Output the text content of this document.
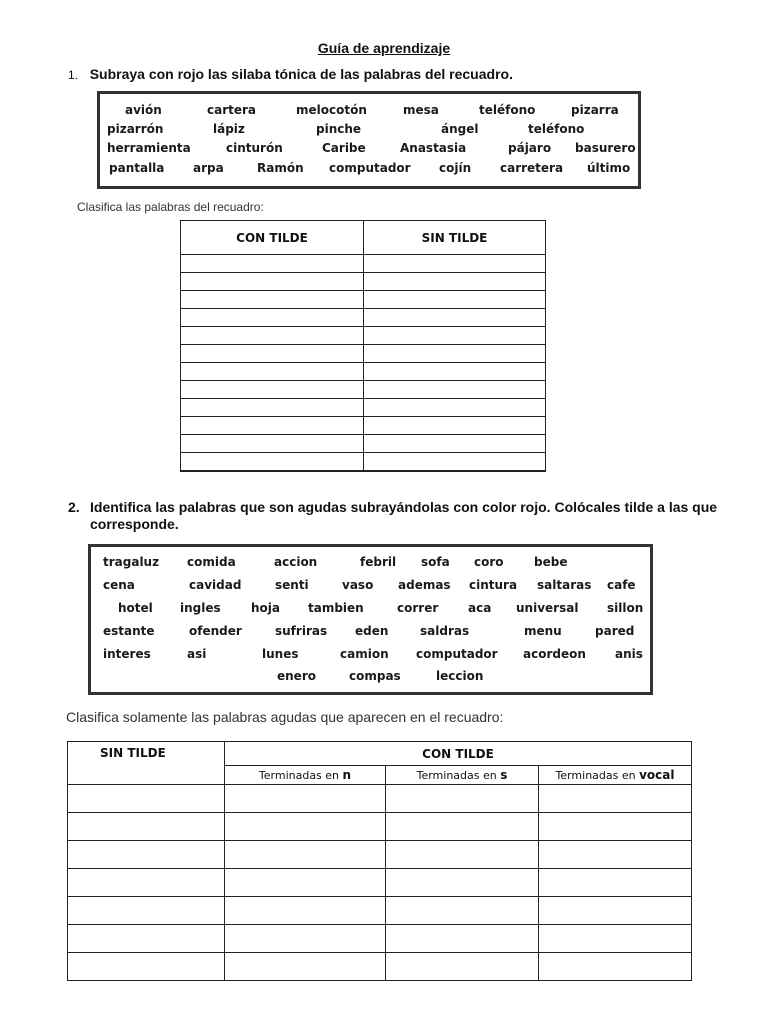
Guía de aprendizaje
1. Subraya con rojo las silaba tónica de las palabras del recuadro.
avión	cartera	melocotón	mesa	teléfono	pizarra
pizarrón	lápiz	pinche	ángel	teléfono
herramienta	cinturón	Caribe	Anastasia	pájaro basurero
pantalla arpa	Ramón computador cojín carretera último
Clasifica las palabras del recuadro:
CON TILDE	SIN TILDE

2. Identifica las palabras que son agudas subrayándolas con color rojo. Colócales tilde a las que corresponde.
tragaluz comida	accion	febril sofa coro	bebe
cena	cavidad	senti	vaso ademas cintura saltaras cafe
hotel ingles	hoja tambien	correr aca universal sillon
estante	ofender	sufriras eden	saldras	menu	pared
interes	asi	lunes	camion computador acordeon anis
enero	compas	leccion
Clasifica solamente las palabras agudas que aparecen en el recuadro:
SIN TILDE	CON TILDE		
	Terminadas en n	Terminadas en s	Terminadas en vocal
